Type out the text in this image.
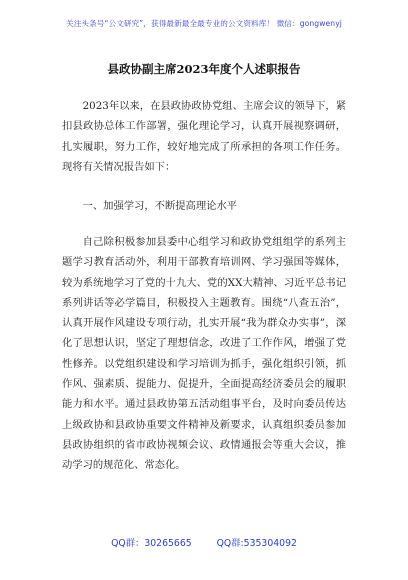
关注头条号“公文研究”，获得最新最全最专业的公文资料库！ 微信：gongwenyj
县政协副主席2023年度个人述职报告
2023年以来，在县政协政协党组、主席会议的领导下，紧扣县政协总体工作部署，强化理论学习，认真开展视察调研，扎实履职，努力工作，较好地完成了所承担的各项工作任务。现将有关情况报告如下：
一、加强学习，不断提高理论水平
自己除积极参加县委中心组学习和政协党组组学的系列主题学习教育活动外，利用干部教育培训网、学习强国等媒体，较为系统地学习了党的十九大、党的XX大精神、习近平总书记系列讲话等必学篇目，积极投入主题教育。围绕“八查五治”，认真开展作风建设专项行动，扎实开展“我为群众办实事”，深化了思想认识，坚定了理想信念，改进了工作作风，增强了党性修养。以党组织建设和学习培训为抓手，强化组织引领，抓作风、强素质、提能力、促提升，全面提高经济委员会的履职能力和水平。通过县政协第五活动组事平台，及时向委员传达上级政协和县政协重要文件精神及新要求，认真组织委员参加县政协组织的省市政协视频会议、政情通报会等重大会议，推动学习的规范化、常态化。
QQ群：30265665 QQ群:535304092
